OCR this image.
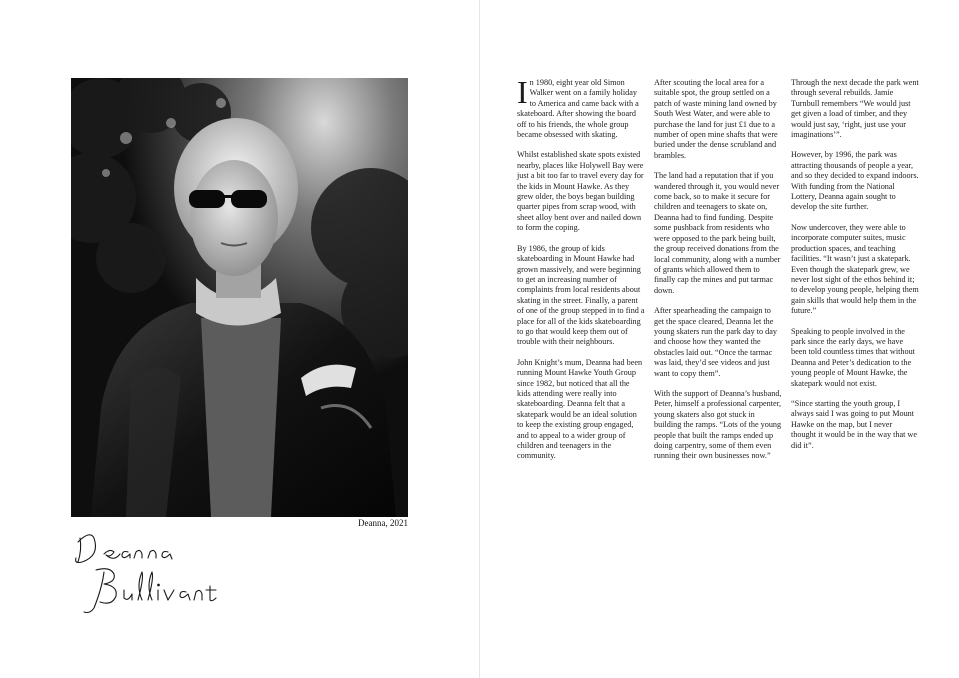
Deanna, 2021

In 1980, eight year old Simon Walker went on a family holiday to America and came back with a skateboard. After showing the board off to his friends, the whole group became obsessed with skating.

Whilst established skate spots existed nearby, places like Holywell Bay were just a bit too far to travel every day for the kids in Mount Hawke. As they grew older, the boys began building quarter pipes from scrap wood, with sheet alloy bent over and nailed down to form the coping.

By 1986, the group of kids skateboarding in Mount Hawke had grown massively, and were beginning to get an increasing number of complaints from local residents about skating in the street. Finally, a parent of one of the group stepped in to find a place for all of the kids skateboarding to go that would keep them out of trouble with their neighbours.

John Knight’s mum, Deanna had been running Mount Hawke Youth Group since 1982, but noticed that all the kids attending were really into skateboarding. Deanna felt that a skatepark would be an ideal solution to keep the existing group engaged, and to appeal to a wider group of children and teenagers in the community.

After scouting the local area for a suitable spot, the group settled on a patch of waste mining land owned by South West Water, and were able to purchase the land for just £1 due to a number of open mine shafts that were buried under the dense scrubland and brambles.

The land had a reputation that if you wandered through it, you would never come back, so to make it secure for children and teenagers to skate on, Deanna had to find funding. Despite some pushback from residents who were opposed to the park being built, the group received donations from the local community, along with a number of grants which allowed them to finally cap the mines and put tarmac down.

After spearheading the campaign to get the space cleared, Deanna let the young skaters run the park day to day and choose how they wanted the obstacles laid out. “Once the tarmac was laid, they’d see videos and just want to copy them”.

With the support of Deanna’s husband, Peter, himself a professional carpenter, young skaters also got stuck in building the ramps. “Lots of the young people that built the ramps ended up doing carpentry, some of them even running their own businesses now.”

Through the next decade the park went through several rebuilds. Jamie Turnbull remembers “We would just get given a load of timber, and they would just say, ‘right, just use your imaginations’”.

However, by 1996, the park was attracting thousands of people a year, and so they decided to expand indoors. With funding from the National Lottery, Deanna again sought to develop the site further.

Now undercover, they were able to incorporate computer suites, music production spaces, and teaching facilities. “It wasn’t just a skatepark. Even though the skatepark grew, we never lost sight of the ethos behind it; to develop young people, helping them gain skills that would help them in the future.”

Speaking to people involved in the park since the early days, we have been told countless times that without Deanna and Peter’s dedication to the young people of Mount Hawke, the skatepark would not exist.

“Since starting the youth group, I always said I was going to put Mount Hawke on the map, but I never thought it would be in the way that we did it”.
